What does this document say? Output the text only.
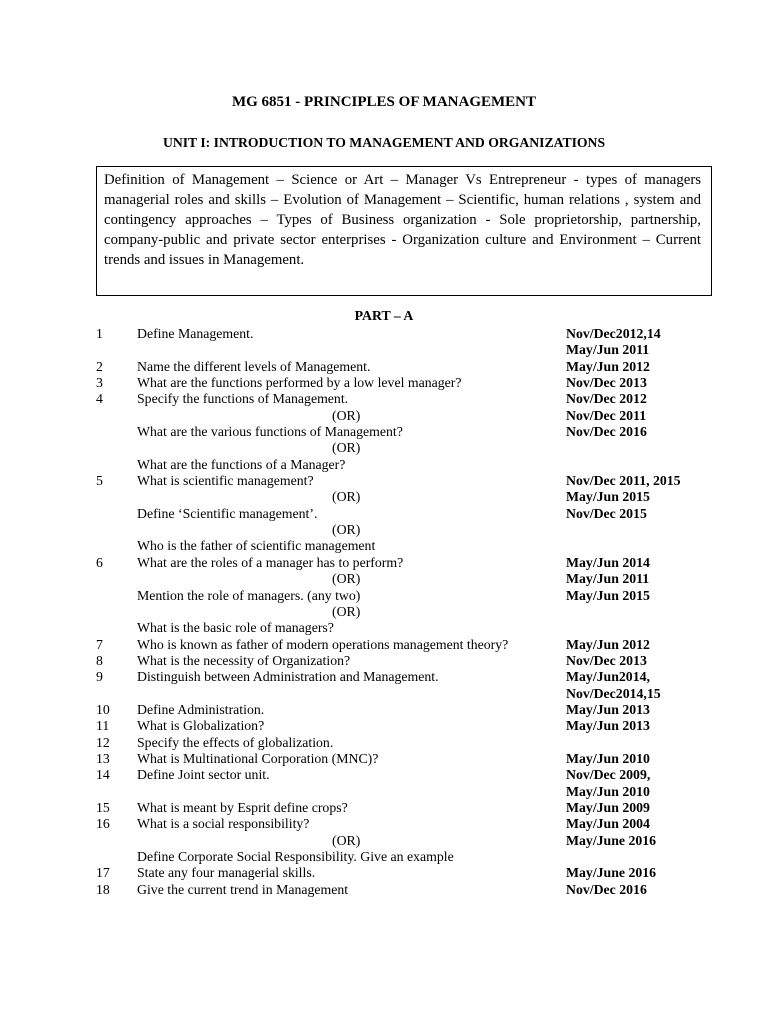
MG 6851 - PRINCIPLES OF MANAGEMENT
UNIT I: INTRODUCTION TO MANAGEMENT AND ORGANIZATIONS
Definition of Management – Science or Art – Manager Vs Entrepreneur - types of managers
managerial roles and skills – Evolution of Management – Scientific, human relations , system and
contingency approaches – Types of Business organization - Sole proprietorship, partnership,
company-public and private sector enterprises - Organization culture and Environment – Current
trends and issues in Management.
PART – A
1 Define Management.	Nov/Dec2012,14
May/Jun 2011
2 Name the different levels of Management.	May/Jun 2012
3 What are the functions performed by a low level manager?	Nov/Dec 2013
4 Specify the functions of Management.	Nov/Dec 2012
(OR)	Nov/Dec 2011
What are the various functions of Management?	Nov/Dec 2016
(OR)
What are the functions of a Manager?
5 What is scientific management?	Nov/Dec 2011, 2015
(OR)	May/Jun 2015
Define ‘Scientific management’.	Nov/Dec 2015
(OR)
Who is the father of scientific management
6 What are the roles of a manager has to perform?	May/Jun 2014
(OR)	May/Jun 2011
Mention the role of managers. (any two)	May/Jun 2015
(OR)
What is the basic role of managers?
7 Who is known as father of modern operations management theory?	May/Jun 2012
8 What is the necessity of Organization?	Nov/Dec 2013
9 Distinguish between Administration and Management.	May/Jun2014,
Nov/Dec2014,15
10 Define Administration.	May/Jun 2013
11 What is Globalization?	May/Jun 2013
12 Specify the effects of globalization.
13 What is Multinational Corporation (MNC)?	May/Jun 2010
14 Define Joint sector unit.	Nov/Dec 2009,
May/Jun 2010
15 What is meant by Esprit define crops?	May/Jun 2009
16 What is a social responsibility?	May/Jun 2004
(OR)	May/June 2016
Define Corporate Social Responsibility. Give an example
17 State any four managerial skills.	May/June 2016
18 Give the current trend in Management	Nov/Dec 2016
